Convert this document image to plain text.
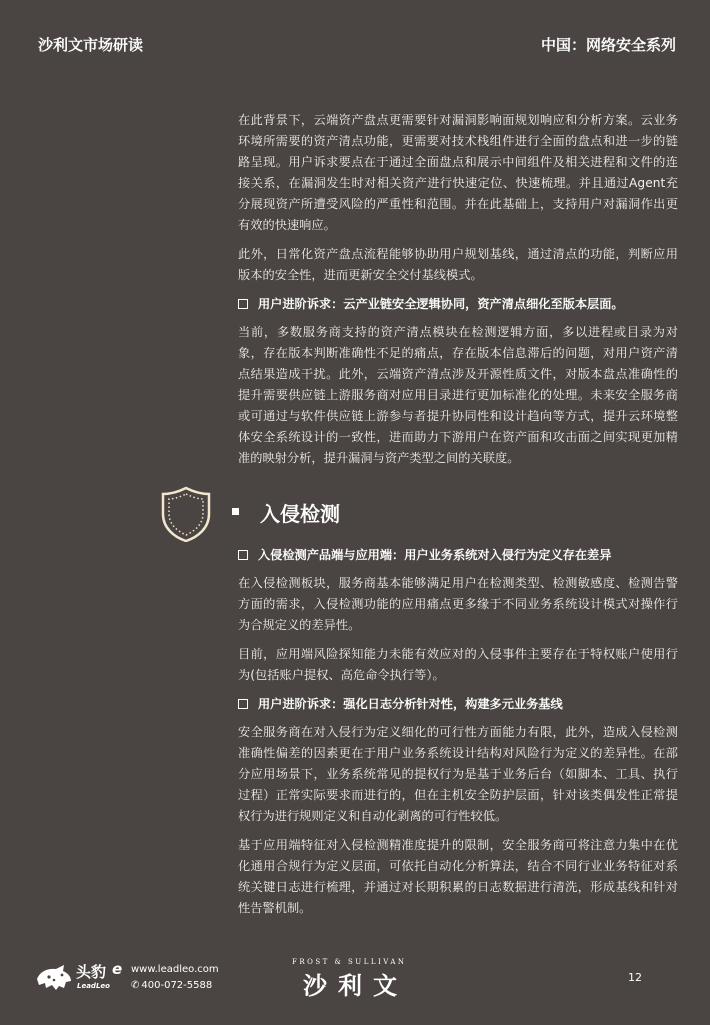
沙利文市场研读	中国：网络安全系列

在此背景下，云端资产盘点更需要针对漏洞影响面规划响应和分析方案。云业务环境所需要的资产清点功能，更需要对技术栈组件进行全面的盘点和进一步的链路呈现。用户诉求要点在于通过全面盘点和展示中间组件及相关进程和文件的连接关系，在漏洞发生时对相关资产进行快速定位、快速梳理。并且通过Agent充分展现资产所遭受风险的严重性和范围。并在此基础上，支持用户对漏洞作出更有效的快速响应。

此外，日常化资产盘点流程能够协助用户规划基线，通过清点的功能，判断应用版本的安全性，进而更新安全交付基线模式。

用户进阶诉求：云产业链安全逻辑协同，资产清点细化至版本层面。

当前，多数服务商支持的资产清点模块在检测逻辑方面，多以进程或目录为对象，存在版本判断准确性不足的痛点，存在版本信息滞后的问题，对用户资产清点结果造成干扰。此外，云端资产清点涉及开源性质文件，对版本盘点准确性的提升需要供应链上游服务商对应用目录进行更加标准化的处理。未来安全服务商或可通过与软件供应链上游参与者提升协同性和设计趋向等方式，提升云环境整体安全系统设计的一致性，进而助力下游用户在资产面和攻击面之间实现更加精准的映射分析，提升漏洞与资产类型之间的关联度。

入侵检测
入侵检测产品端与应用端：用户业务系统对入侵行为定义存在差异

在入侵检测板块，服务商基本能够满足用户在检测类型、检测敏感度、检测告警方面的需求，入侵检测功能的应用痛点更多缘于不同业务系统设计模式对操作行为合规定义的差异性。

目前，应用端风险探知能力未能有效应对的入侵事件主要存在于特权账户使用行为(包括账户提权、高危命令执行等）。

用户进阶诉求：强化日志分析针对性，构建多元业务基线

安全服务商在对入侵行为定义细化的可行性方面能力有限，此外，造成入侵检测准确性偏差的因素更在于用户业务系统设计结构对风险行为定义的差异性。在部分应用场景下，业务系统常见的提权行为是基于业务后台（如脚本、工具、执行过程）正常实际要求而进行的，但在主机安全防护层面，针对该类偶发性正常提权行为进行规则定义和自动化剥离的可行性较低。

基于应用端特征对入侵检测精准度提升的限制，安全服务商可将注意力集中在优化通用合规行为定义层面，可依托自动化分析算法，结合不同行业业务特征对系统关键日志进行梳理，并通过对长期积累的日志数据进行清洗，形成基线和针对性告警机制。

头豹
LeadLeo
e www.leadleo.com
✆ 400-072-5588
FROST & SULLIVAN
沙利文	12
